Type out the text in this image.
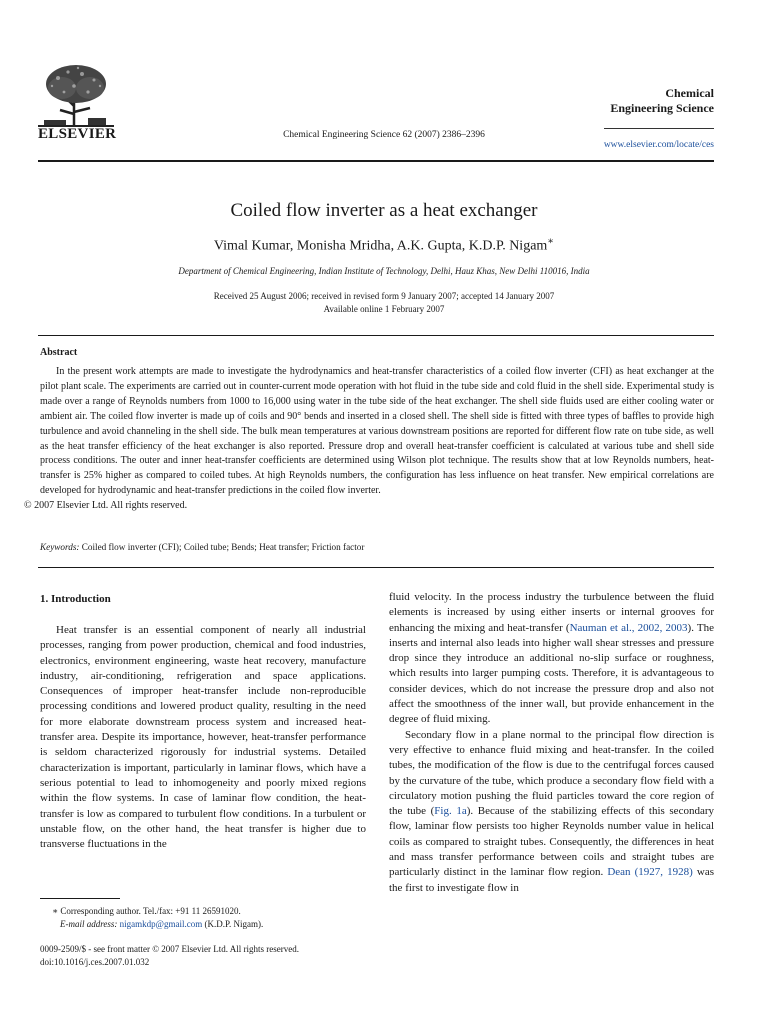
ELSEVIER	Chemical Engineering Science 62 (2007) 2386–2396
Chemical
Engineering Science
www.elsevier.com/locate/ces
Coiled flow inverter as a heat exchanger
Vimal Kumar, Monisha Mridha, A.K. Gupta, K.D.P. Nigam∗
Department of Chemical Engineering, Indian Institute of Technology, Delhi, Hauz Khas, New Delhi 110016, India
Received 25 August 2006; received in revised form 9 January 2007; accepted 14 January 2007
Available online 1 February 2007
Abstract
In the present work attempts are made to investigate the hydrodynamics and heat-transfer characteristics of a coiled flow inverter (CFI) as heat exchanger at the pilot plant scale. The experiments are carried out in counter-current mode operation with hot fluid in the tube side and cold fluid in the shell side. Experimental study is made over a range of Reynolds numbers from 1000 to 16,000 using water in the tube side of the heat exchanger. The shell side fluids used are either cooling water or ambient air. The coiled flow inverter is made up of coils and 90° bends and inserted in a closed shell. The shell side is fitted with three types of baffles to provide high turbulence and avoid channeling in the shell side. The bulk mean temperatures at various downstream positions are reported for different flow rate on tube side, as well as the heat transfer efficiency of the heat exchanger is also reported. Pressure drop and overall heat-transfer coefficient is calculated at various tube and shell side process conditions. The outer and inner heat-transfer coefficients are determined using Wilson plot technique. The results show that at low Reynolds numbers, heat-transfer is 25% higher as compared to coiled tubes. At high Reynolds numbers, the configuration has less influence on heat transfer. New empirical correlations are developed for hydrodynamic and heat-transfer predictions in the coiled flow inverter.
© 2007 Elsevier Ltd. All rights reserved.
Keywords: Coiled flow inverter (CFI); Coiled tube; Bends; Heat transfer; Friction factor
1. Introduction

Heat transfer is an essential component of nearly all industrial processes, ranging from power production, chemical and food industries, electronics, environment engineering, waste heat recovery, manufacture industry, air-conditioning, refrigeration and space applications. Consequences of improper heat-transfer include non-reproducible processing conditions and lowered product quality, resulting in the need for more elaborate downstream process system and increased heat-transfer area. Despite its importance, however, heat-transfer performance is seldom characterized rigorously for industrial systems. Detailed characterization is important, particularly in laminar flows, which have a serious potential to lead to inhomogeneity and poorly mixed regions within the flow systems. In case of laminar flow condition, the heat-transfer is low as compared to turbulent flow conditions. In a turbulent or unstable flow, on the other hand, the heat transfer is higher due to transverse fluctuations in the

fluid velocity. In the process industry the turbulence between the fluid elements is increased by using either inserts or internal grooves for enhancing the mixing and heat-transfer (Nauman et al., 2002, 2003). The inserts and internal also leads into higher wall shear stresses and pressure drop since they introduce an additional no-slip surface or roughness, which results into larger pumping costs. Therefore, it is advantageous to consider devices, which do not increase the pressure drop and also not affect the smoothness of the inner wall, but provide enhancement in the degree of fluid mixing.

Secondary flow in a plane normal to the principal flow direction is very effective to enhance fluid mixing and heat-transfer. In the coiled tubes, the modification of the flow is due to the centrifugal forces caused by the curvature of the tube, which produce a secondary flow field with a circulatory motion pushing the fluid particles toward the core region of the tube (Fig. 1a). Because of the stabilizing effects of this secondary flow, laminar flow persists too higher Reynolds number value in helical coils as compared to straight tubes. Consequently, the differences in heat and mass transfer performance between coils and straight tubes are particularly distinct in the laminar flow region. Dean (1927, 1928) was the first to investigate flow in

∗ Corresponding author. Tel./fax: +91 11 26591020.
E-mail address: nigamkdp@gmail.com (K.D.P. Nigam).
0009-2509/$ - see front matter © 2007 Elsevier Ltd. All rights reserved.
doi:10.1016/j.ces.2007.01.032
